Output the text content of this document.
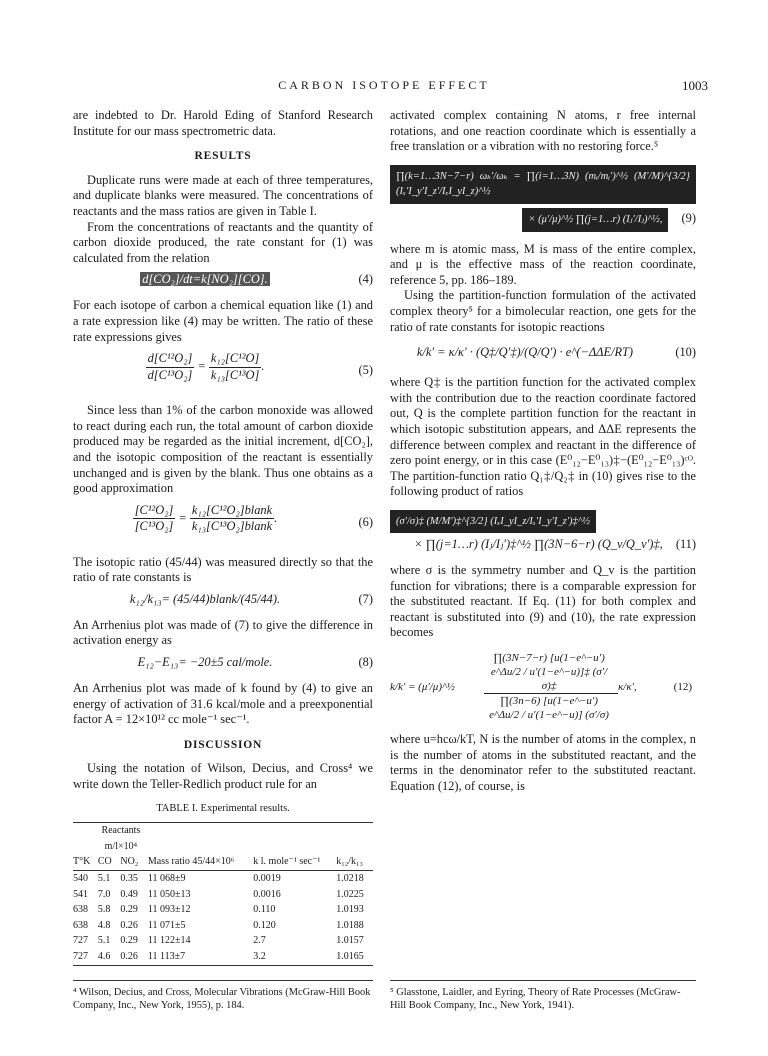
CARBON ISOTOPE EFFECT	1003

are indebted to Dr. Harold Eding of Stanford Research Institute for our mass spectrometric data.

RESULTS

Duplicate runs were made at each of three temperatures, and duplicate blanks were measured. The concentrations of reactants and the mass ratios are given in Table I.

From the concentrations of reactants and the quantity of carbon dioxide produced, the rate constant for (1) was calculated from the relation

d[CO₂]/dt=k[NO₂][CO].	(4)

For each isotope of carbon a chemical equation like (1) and a rate expression like (4) may be written. The ratio of these rate expressions gives

$\frac{\text{d[C¹²O₂]}}{\text{d[C¹³O₂]}} = \frac{\text{k₁₂[C¹²O]}}{\text{k₁₃[C¹³O]}}$ .	(5)

Since less than 1% of the carbon monoxide was allowed to react during each run, the total amount of carbon dioxide produced may be regarded as the initial increment, d[CO₂], and the isotopic composition of the reactant is essentially unchanged and is given by the blank. Thus one obtains as a good approximation

$\frac{\text{[C¹²O₂]}}{\text{[C¹³O₂]}} = \frac{\text{k₁₂[C¹²O₂]blank}}{\text{k₁₃[C¹³O₂]blank}}$ .	(6)

The isotopic ratio (45/44) was measured directly so that the ratio of rate constants is

k₁₂/k₁₃= (45/44)blank/(45/44).	(7)

An Arrhenius plot was made of (7) to give the difference in activation energy as

E₁₂−E₁₃= −20±5 cal/mole.	(8)

An Arrhenius plot was made of k found by (4) to give an energy of activation of 31.6 kcal/mole and a preexponential factor A = 12×10¹² cc mole⁻¹ sec⁻¹.

DISCUSSION

Using the notation of Wilson, Decius, and Cross⁴ we write down the Teller-Redlich product rule for an

TABLE I. Experimental results.
	Reactants
m/l×10⁴				
T°K	CO	NO₂	Mass ratio 45/44×10⁶	k l. mole⁻¹ sec⁻¹	k₁₂/k₁₃
540	5.1	0.35	11 068±9	0.0019	1.0218
541	7.0	0.49	11 050±13	0.0016	1.0225
638	5.8	0.29	11 093±12	0.110	1.0193
638	4.8	0.26	11 071±5	0.120	1.0188
727	5.1	0.29	11 122±14	2.7	1.0157
727	4.6	0.26	11 113±7	3.2	1.0165

activated complex containing N atoms, r free internal rotations, and one reaction coordinate which is essentially a free translation or a vibration with no restoring force.⁵

∏(k=1…3N−7−r) ωₖ′/ωₖ = ∏(i=1…3N) (mᵢ/mᵢ′)^½ (M′/M)^{3/2} (Iₓ′I_y′I_z′/IₓI_yI_z)^½
× (μ′/μ)^½ ∏(j=1…r) (Iⱼ′/Iⱼ)^½, (9)

where m is atomic mass, M is mass of the entire complex, and μ is the effective mass of the reaction coordinate, reference 5, pp. 186–189.

Using the partition-function formulation of the activated complex theory⁵ for a bimolecular reaction, one gets for the ratio of rate constants for isotopic reactions

k/k′ = κ/κ′ · (Q‡/Q′‡)/(Q/Q′) · e^(−ΔΔE/RT)	(10)

where Q‡ is the partition function for the activated complex with the contribution due to the reaction coordinate factored out, Q is the complete partition function for the reactant in which isotopic substitution appears, and ΔΔE represents the difference between complex and reactant in the difference of zero point energy, or in this case (E⁰₁₂−E⁰₁₃)‡−(E⁰₁₂−E⁰₁₃)ᶜᴼ. The partition-function ratio Q₁‡/Q₂‡ in (10) gives rise to the following product of ratios

(σ′/σ)‡ (M/M′)‡^{3/2} (IₓI_yI_z/Iₓ′I_y′I_z′)‡^½
× ∏(j=1…r) (Iⱼ/Iⱼ′)‡^½ ∏(3N−6−r) (Q_v/Q_v′)‡, (11)

where σ is the symmetry number and Q_v is the partition function for vibrations; there is a comparable expression for the substituted reactant. If Eq. (11) for both complex and reactant is substituted into (9) and (10), the rate expression becomes

k/k′ = (μ′/μ)^½	∏(3N−7−r) [u(1−e^−u′) e^Δu/2 / u′(1−e^−u)]‡ (σ′/σ)‡	κ/κ′,	(12)
∏(3n−6) [u(1−e^−u′) e^Δu/2 / u′(1−e^−u)] (σ′/σ)

where u=hcω/kT, N is the number of atoms in the complex, n is the number of atoms in the substituted reactant, and the terms in the denominator refer to the substituted reactant. Equation (12), of course, is

⁴ Wilson, Decius, and Cross, Molecular Vibrations (McGraw-Hill Book Company, Inc., New York, 1955), p. 184.
⁵ Glasstone, Laidler, and Eyring, Theory of Rate Processes (McGraw-Hill Book Company, Inc., New York, 1941).
